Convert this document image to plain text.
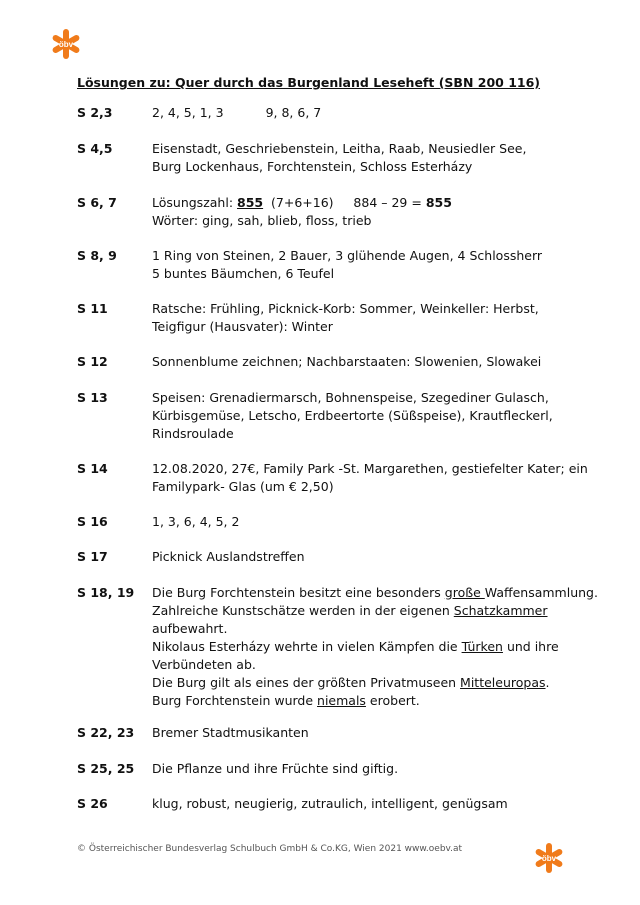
öbv
öbv
Lösungen zu: Quer durch das Burgenland Leseheft (SBN 200 116)
S 2,3	2, 4, 5, 1, 3	9, 8, 6, 7
S 4,5	Eisenstadt, Geschriebenstein, Leitha, Raab, Neusiedler See,
Burg Lockenhaus, Forchtenstein, Schloss Esterházy
S 6, 7	Lösungszahl: 855  (7+6+16)     884 – 29 = 855
Wörter: ging, sah, blieb, floss, trieb
S 8, 9	1 Ring von Steinen, 2 Bauer, 3 glühende Augen, 4 Schlossherr
5 buntes Bäumchen, 6 Teufel
S 11	Ratsche: Frühling, Picknick-Korb: Sommer, Weinkeller: Herbst,
Teigfigur (Hausvater): Winter
S 12	Sonnenblume zeichnen; Nachbarstaaten: Slowenien, Slowakei
S 13	Speisen: Grenadiermarsch, Bohnenspeise, Szegediner Gulasch,
Kürbisgemüse, Letscho, Erdbeertorte (Süßspeise), Krautfleckerl,
Rindsroulade
S 14	12.08.2020, 27€, Family Park -St. Margarethen, gestiefelter Kater; ein
Familypark- Glas (um € 2,50)
S 16	1, 3, 6, 4, 5, 2
S 17	Picknick Auslandstreffen
S 18, 19	Die Burg Forchtenstein besitzt eine besonders große Waffensammlung.
Zahlreiche Kunstschätze werden in der eigenen Schatzkammer
aufbewahrt.
Nikolaus Esterházy wehrte in vielen Kämpfen die Türken und ihre
Verbündeten ab.
Die Burg gilt als eines der größten Privatmuseen Mitteleuropas.
Burg Forchtenstein wurde niemals erobert.
S 22, 23	Bremer Stadtmusikanten
S 25, 25	Die Pflanze und ihre Früchte sind giftig.
S 26	klug, robust, neugierig, zutraulich, intelligent, genügsam
© Österreichischer Bundesverlag Schulbuch GmbH & Co.KG, Wien 2021 www.oebv.at
